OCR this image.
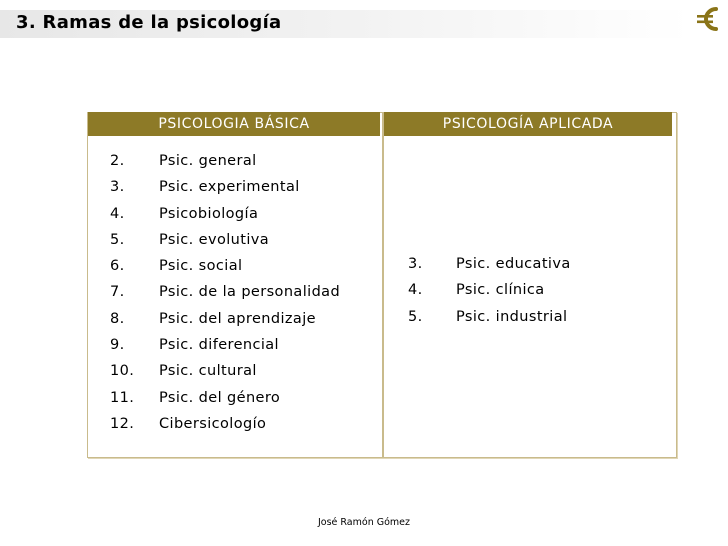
3. Ramas de la psicología
PSICOLOGIA BÁSICA	PSICOLOGÍA APLICADA
2. Psic. general
3. Psic. experimental
4. Psicobiología
5. Psic. evolutiva
6. Psic. social
7. Psic. de la personalidad
8. Psic. del aprendizaje
9. Psic. diferencial
10. Psic. cultural
11. Psic. del género
12. Cibersicologío
3. Psic. educativa
4. Psic. clínica
5. Psic. industrial
José Ramón Gómez
